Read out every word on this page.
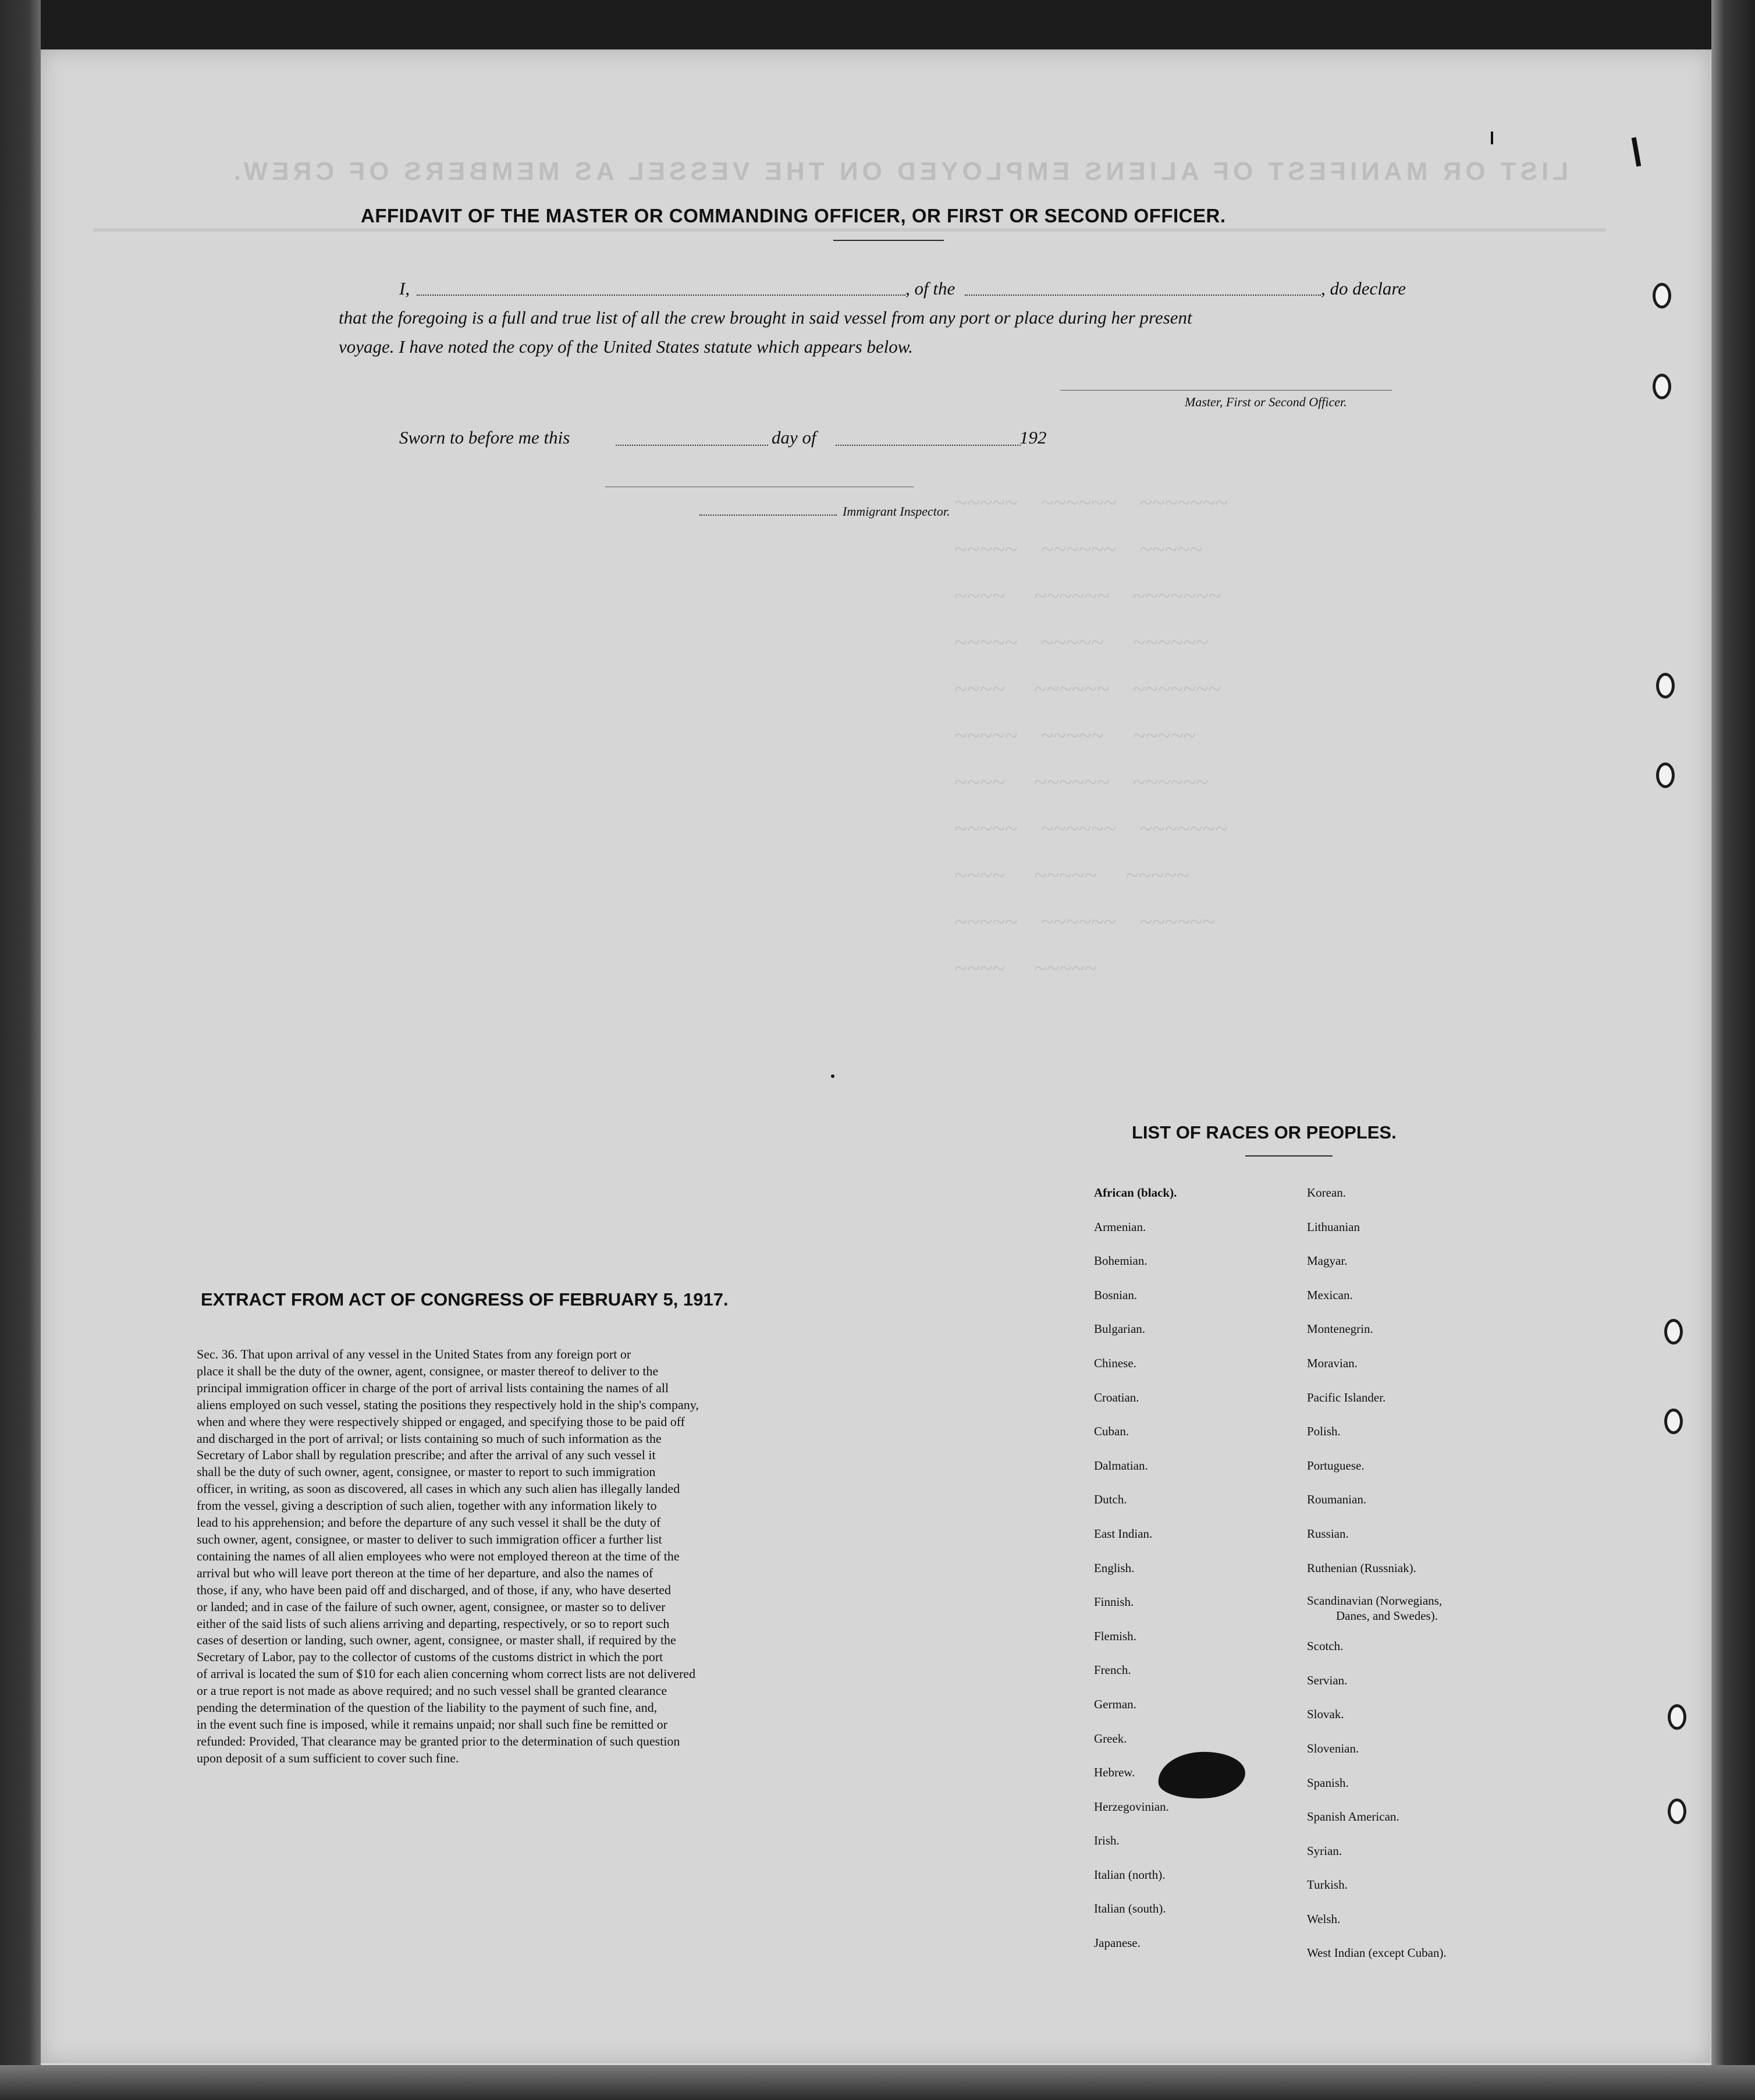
LIST OR MANIFEST OF ALIENS EMPLOYED ON THE VESSEL AS MEMBERS OF CREW.
~~~~~    ~~~~~~    ~~~~~~~
~~~~~    ~~~~~~    ~~~~~
~~~~     ~~~~~~    ~~~~~~~
~~~~~    ~~~~~     ~~~~~~
~~~~     ~~~~~~    ~~~~~~~
~~~~~    ~~~~~     ~~~~~
~~~~     ~~~~~~    ~~~~~~
~~~~~    ~~~~~~    ~~~~~~~
~~~~     ~~~~~     ~~~~~
~~~~~    ~~~~~~    ~~~~~~
~~~~     ~~~~~
AFFIDAVIT OF THE MASTER OR COMMANDING OFFICER, OR FIRST OR SECOND OFFICER.
I,	, of the	, do declare
that the foregoing is a full and true list of all the crew brought in said vessel from any port or place during her present
voyage. I have noted the copy of the United States statute which appears below.
Master, First or Second Officer.
Sworn to before me this	day of	192
Immigrant Inspector.
EXTRACT FROM ACT OF CONGRESS OF FEBRUARY 5, 1917.
Sec. 36. That upon arrival of any vessel in the United States from any foreign port or
place it shall be the duty of the owner, agent, consignee, or master thereof to deliver to the
principal immigration officer in charge of the port of arrival lists containing the names of all
aliens employed on such vessel, stating the positions they respectively hold in the ship's company,
when and where they were respectively shipped or engaged, and specifying those to be paid off
and discharged in the port of arrival; or lists containing so much of such information as the
Secretary of Labor shall by regulation prescribe; and after the arrival of any such vessel it
shall be the duty of such owner, agent, consignee, or master to report to such immigration
officer, in writing, as soon as discovered, all cases in which any such alien has illegally landed
from the vessel, giving a description of such alien, together with any information likely to
lead to his apprehension; and before the departure of any such vessel it shall be the duty of
such owner, agent, consignee, or master to deliver to such immigration officer a further list
containing the names of all alien employees who were not employed thereon at the time of the
arrival but who will leave port thereon at the time of her departure, and also the names of
those, if any, who have been paid off and discharged, and of those, if any, who have deserted
or landed; and in case of the failure of such owner, agent, consignee, or master so to deliver
either of the said lists of such aliens arriving and departing, respectively, or so to report such
cases of desertion or landing, such owner, agent, consignee, or master shall, if required by the
Secretary of Labor, pay to the collector of customs of the customs district in which the port
of arrival is located the sum of $10 for each alien concerning whom correct lists are not delivered
or a true report is not made as above required; and no such vessel shall be granted clearance
pending the determination of the question of the liability to the payment of such fine, and,
in the event such fine is imposed, while it remains unpaid; nor shall such fine be remitted or
refunded: Provided, That clearance may be granted prior to the determination of such question
upon deposit of a sum sufficient to cover such fine.
LIST OF RACES OR PEOPLES.
African (black).
Armenian.
Bohemian.
Bosnian.
Bulgarian.
Chinese.
Croatian.
Cuban.
Dalmatian.
Dutch.
East Indian.
English.
Finnish.
Flemish.
French.
German.
Greek.
Hebrew.
Herzegovinian.
Irish.
Italian (north).
Italian (south).
Japanese.
Korean.
Lithuanian
Magyar.
Mexican.
Montenegrin.
Moravian.
Pacific Islander.
Polish.
Portuguese.
Roumanian.
Russian.
Ruthenian (Russniak).
Scandinavian (Norwegians,
Danes, and Swedes).
Scotch.
Servian.
Slovak.
Slovenian.
Spanish.
Spanish American.
Syrian.
Turkish.
Welsh.
West Indian (except Cuban).
